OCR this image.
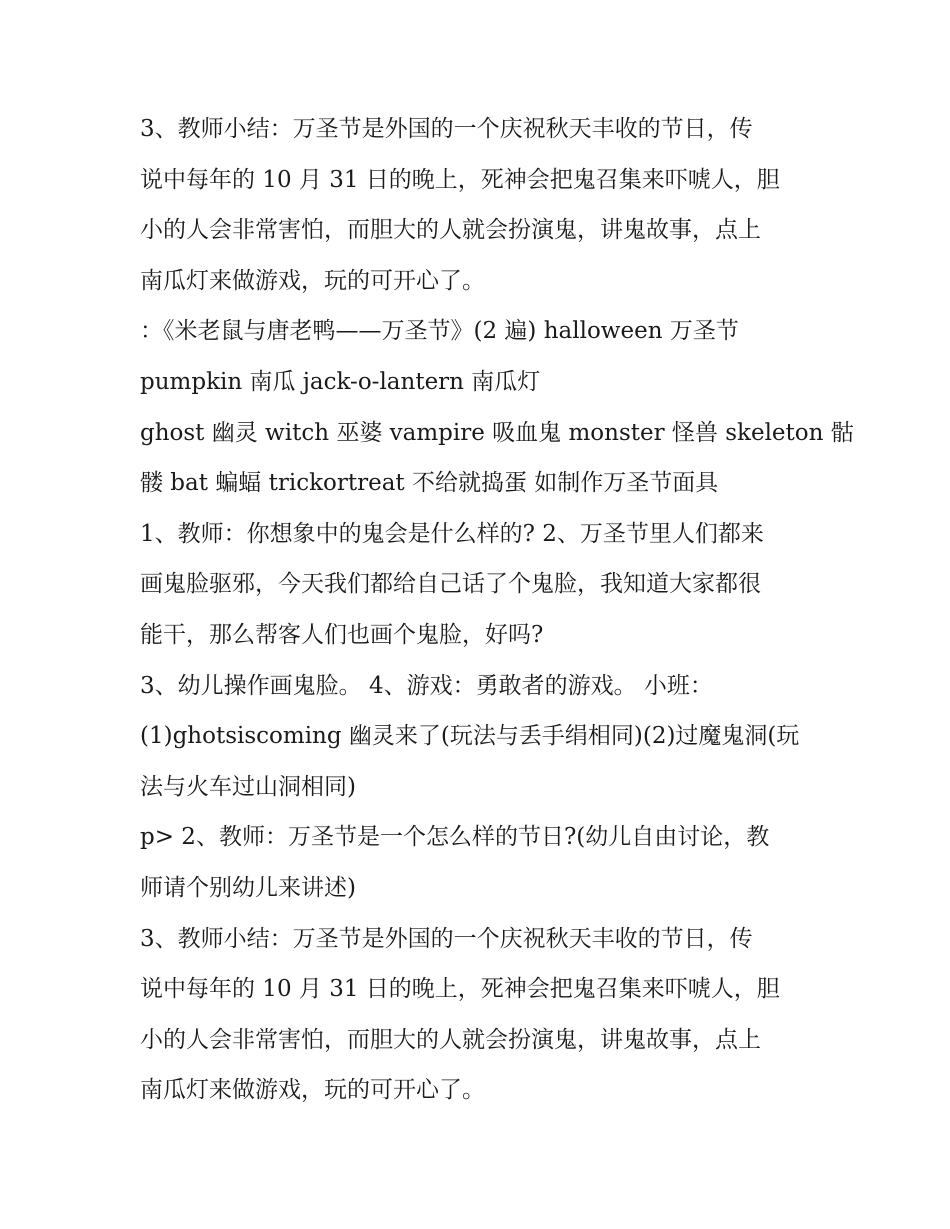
3、教师小结：万圣节是外国的一个庆祝秋天丰收的节日，传
说中每年的 10 月 31 日的晚上，死神会把鬼召集来吓唬人，胆
小的人会非常害怕，而胆大的人就会扮演鬼，讲鬼故事，点上
南瓜灯来做游戏，玩的可开心了。

：《米老鼠与唐老鸭——万圣节》(2 遍) halloween 万圣节
pumpkin 南瓜 jack-o-lantern 南瓜灯

ghost 幽灵 witch 巫婆 vampire 吸血鬼 monster 怪兽 skeleton 骷
髅 bat 蝙蝠 trickortreat 不给就捣蛋 如制作万圣节面具

1、教师：你想象中的鬼会是什么样的? 2、万圣节里人们都来
画鬼脸驱邪，今天我们都给自己话了个鬼脸，我知道大家都很
能干，那么帮客人们也画个鬼脸，好吗?

3、幼儿操作画鬼脸。 4、游戏：勇敢者的游戏。 小班：

(1)ghotsiscoming 幽灵来了(玩法与丢手绢相同)(2)过魔鬼洞(玩
法与火车过山洞相同)

p> 2、教师：万圣节是一个怎么样的节日?(幼儿自由讨论，教
师请个别幼儿来讲述)

3、教师小结：万圣节是外国的一个庆祝秋天丰收的节日，传
说中每年的 10 月 31 日的晚上，死神会把鬼召集来吓唬人，胆
小的人会非常害怕，而胆大的人就会扮演鬼，讲鬼故事，点上
南瓜灯来做游戏，玩的可开心了。
